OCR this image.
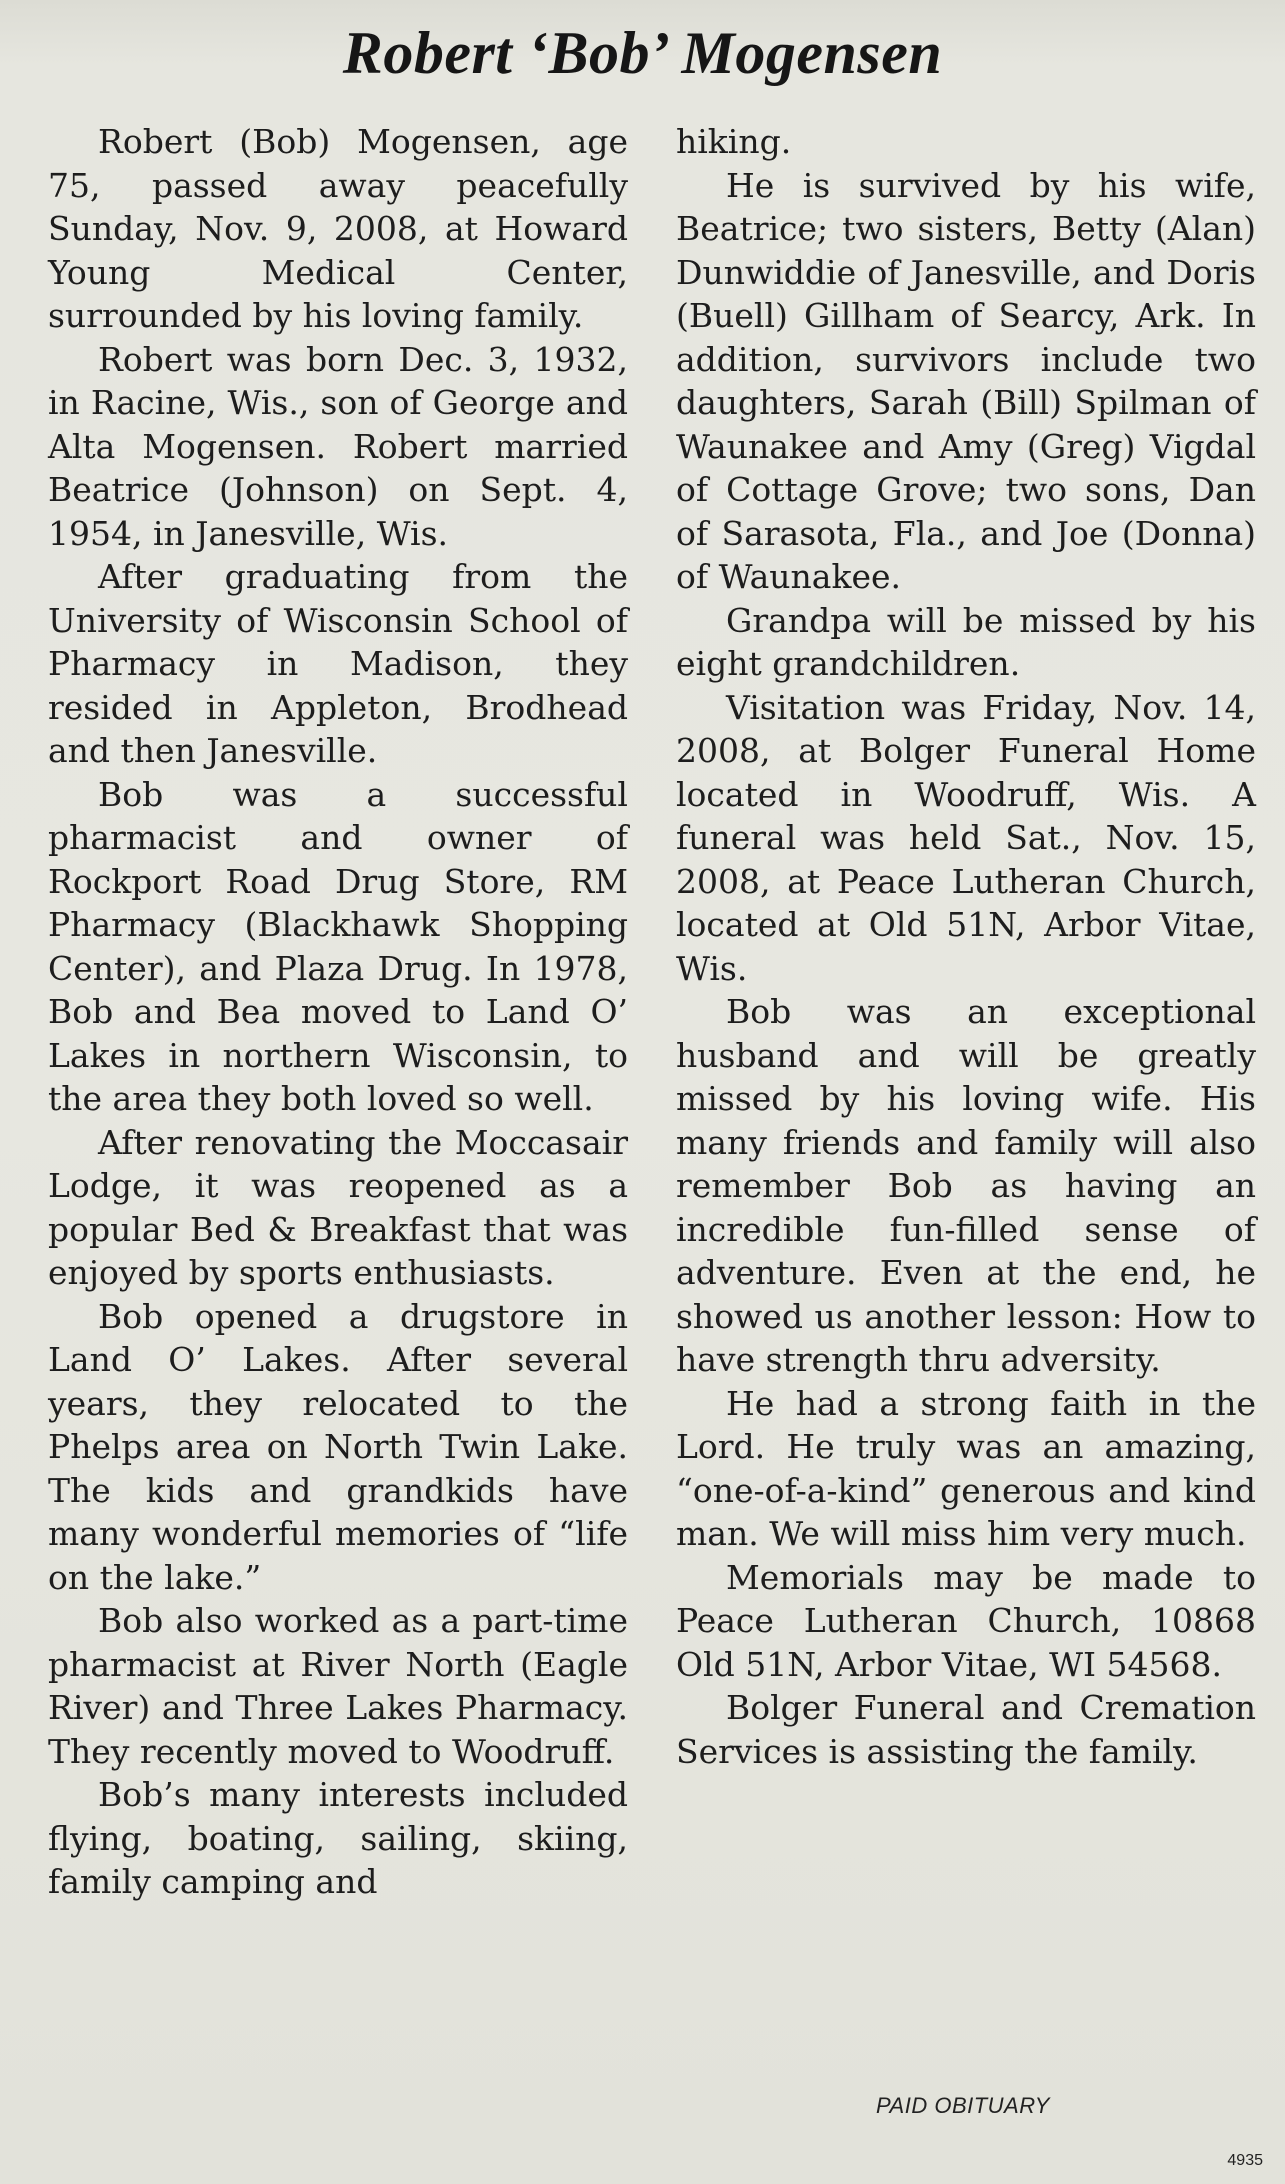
Robert ‘Bob’ Mogensen

Robert (Bob) Mogensen, age 75, passed away peacefully Sunday, Nov. 9, 2008, at Howard Young Medical Center, surrounded by his loving family.

Robert was born Dec. 3, 1932, in Racine, Wis., son of George and Alta Mogensen. Robert married Beatrice (Johnson) on Sept. 4, 1954, in Janesville, Wis.

After graduating from the University of Wisconsin School of Pharmacy in Madison, they resided in Appleton, Brodhead and then Janesville.

Bob was a successful pharmacist and owner of Rockport Road Drug Store, RM Pharmacy (Blackhawk Shopping Center), and Plaza Drug. In 1978, Bob and Bea moved to Land O’ Lakes in northern Wisconsin, to the area they both loved so well.

After renovating the Moccasair Lodge, it was reopened as a popular Bed & Breakfast that was enjoyed by sports enthusiasts.

Bob opened a drugstore in Land O’ Lakes. After several years, they relocated to the Phelps area on North Twin Lake. The kids and grandkids have many wonderful memories of “life on the lake.”

Bob also worked as a part-time pharmacist at River North (Eagle River) and Three Lakes Pharmacy. They recently moved to Woodruff.

Bob’s many interests included flying, boating, sailing, skiing, family camping and

hiking.

He is survived by his wife, Beatrice; two sisters, Betty (Alan) Dunwiddie of Janesville, and Doris (Buell) Gillham of Searcy, Ark. In addition, survivors include two daughters, Sarah (Bill) Spilman of Waunakee and Amy (Greg) Vigdal of Cottage Grove; two sons, Dan of Sarasota, Fla., and Joe (Donna) of Waunakee.

Grandpa will be missed by his eight grandchildren.

Visitation was Friday, Nov. 14, 2008, at Bolger Funeral Home located in Woodruff, Wis. A funeral was held Sat., Nov. 15, 2008, at Peace Lutheran Church, located at Old 51N, Arbor Vitae, Wis.

Bob was an exceptional husband and will be greatly missed by his loving wife. His many friends and family will also remember Bob as having an incredible fun-filled sense of adventure. Even at the end, he showed us another lesson: How to have strength thru adversity.

He had a strong faith in the Lord. He truly was an amazing, “one-of-a-kind” generous and kind man. We will miss him very much.

Memorials may be made to Peace Lutheran Church, 10868 Old 51N, Arbor Vitae, WI 54568.

Bolger Funeral and Cremation Services is assisting the family.

PAID OBITUARY
4935
